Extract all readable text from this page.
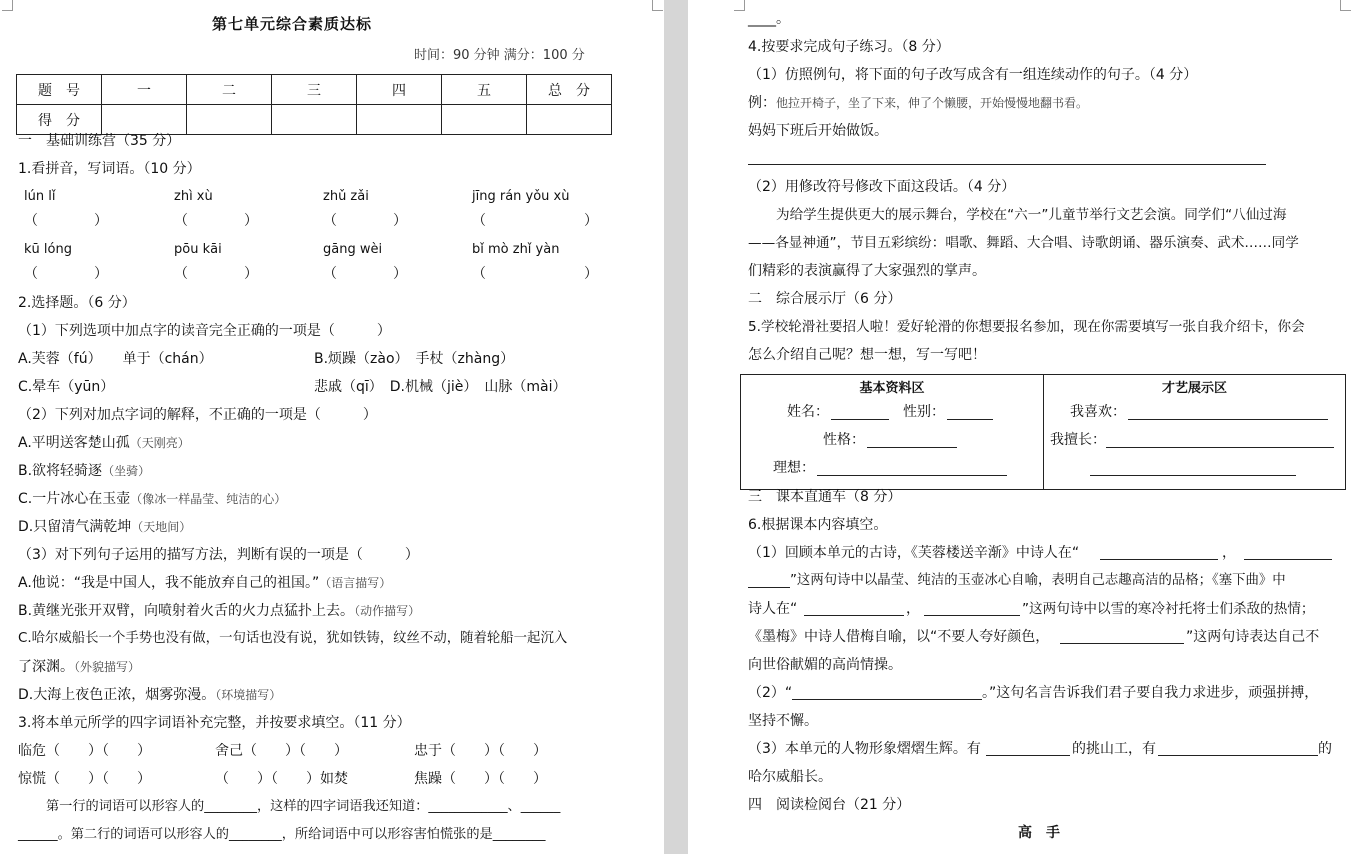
第七单元综合素质达标
时间：90 分钟 满分：100 分
题　号	一	二	三	四	五	总　分
得　分						
一　基础训练营（35 分）
1.看拼音，写词语。（10 分）
lún lǐ	zhì xù	zhǔ zǎi	jīng rán yǒu xù
（　　　　）	（　　　　）	（　　　　）	（　　　　　　　）
kū lóng	pōu kāi	gāng wèi	bǐ mò zhǐ yàn
（　　　　）	（　　　　）	（　　　　）	（　　　　　　　）
2.选择题。（6 分）
（1）下列选项中加点字的读音完全正确的一项是（　　　）
A.芙蓉（fú）　　单于（chán）	B.烦躁（zào）　手杖（zhàng）
C.晕车（yūn）	悲戚（qī）　D.机械（jiè）　山脉（mài）
（2）下列对加点字词的解释，不正确的一项是（　　　）
A.平明送客楚山孤（天刚亮）
B.欲将轻骑逐（坐骑）
C.一片冰心在玉壶（像冰一样晶莹、纯洁的心）
D.只留清气满乾坤（天地间）
（3）对下列句子运用的描写方法，判断有误的一项是（　　　）
A.他说：“我是中国人，我不能放弃自己的祖国。”（语言描写）
B.黄继光张开双臂，向喷射着火舌的火力点猛扑上去。（动作描写）
C.哈尔威船长一个手势也没有做，一句话也没有说，犹如铁铸，纹丝不动，随着轮船一起沉入
了深渊。（外貌描写）
D.大海上夜色正浓，烟雾弥漫。（环境描写）
3.将本单元所学的四字词语补充完整，并按要求填空。（11 分）
临危（　　）（　　）	舍己（　　）（　　）	忠于（　　）（　　）
惊慌（　　）（　　）	（　　）（　　）如焚	焦躁（　　）（　　）
第一行的词语可以形容人的________，这样的四字词语我还知道：____________、______
______。第二行的词语可以形容人的________，所给词语中可以形容害怕慌张的是________
____。
4.按要求完成句子练习。（8 分）
（1）仿照例句，将下面的句子改写成含有一组连续动作的句子。（4 分）
例：他拉开椅子，坐了下来，伸了个懒腰，开始慢慢地翻书看。
妈妈下班后开始做饭。
（2）用修改符号修改下面这段话。（4 分）
为给学生提供更大的展示舞台，学校在“六一”儿童节举行文艺会演。同学们“八仙过海
——各显神通”，节目五彩缤纷：唱歌、舞蹈、大合唱、诗歌朗诵、器乐演奏、武术……同学
们精彩的表演赢得了大家强烈的掌声。
二　综合展示厅（6 分）
5.学校轮滑社要招人啦！爱好轮滑的你想要报名参加，现在你需要填写一张自我介绍卡，你会
怎么介绍自己呢？想一想，写一写吧！
基本资料区
姓名：	性别：
性格：
理想：

才艺展示区
我喜欢：
我擅长：
三　课本直通车（8 分）
6.根据课本内容填空。
（1）回顾本单元的古诗，《芙蓉楼送辛渐》中诗人在“	，
”这两句诗中以晶莹、纯洁的玉壶冰心自喻，表明自己志趣高洁的品格；《塞下曲》中
诗人在“	，	”这两句诗中以雪的寒冷衬托将士们杀敌的热情；
《墨梅》中诗人借梅自喻，以“不要人夸好颜色，	”这两句诗表达自己不
向世俗献媚的高尚情操。
（2）“	。”这句名言告诉我们君子要自我力求进步，顽强拼搏，
坚持不懈。
（3）本单元的人物形象熠熠生辉。有	的挑山工，有	的
哈尔威船长。
四　阅读检阅台（21 分）
高　手
